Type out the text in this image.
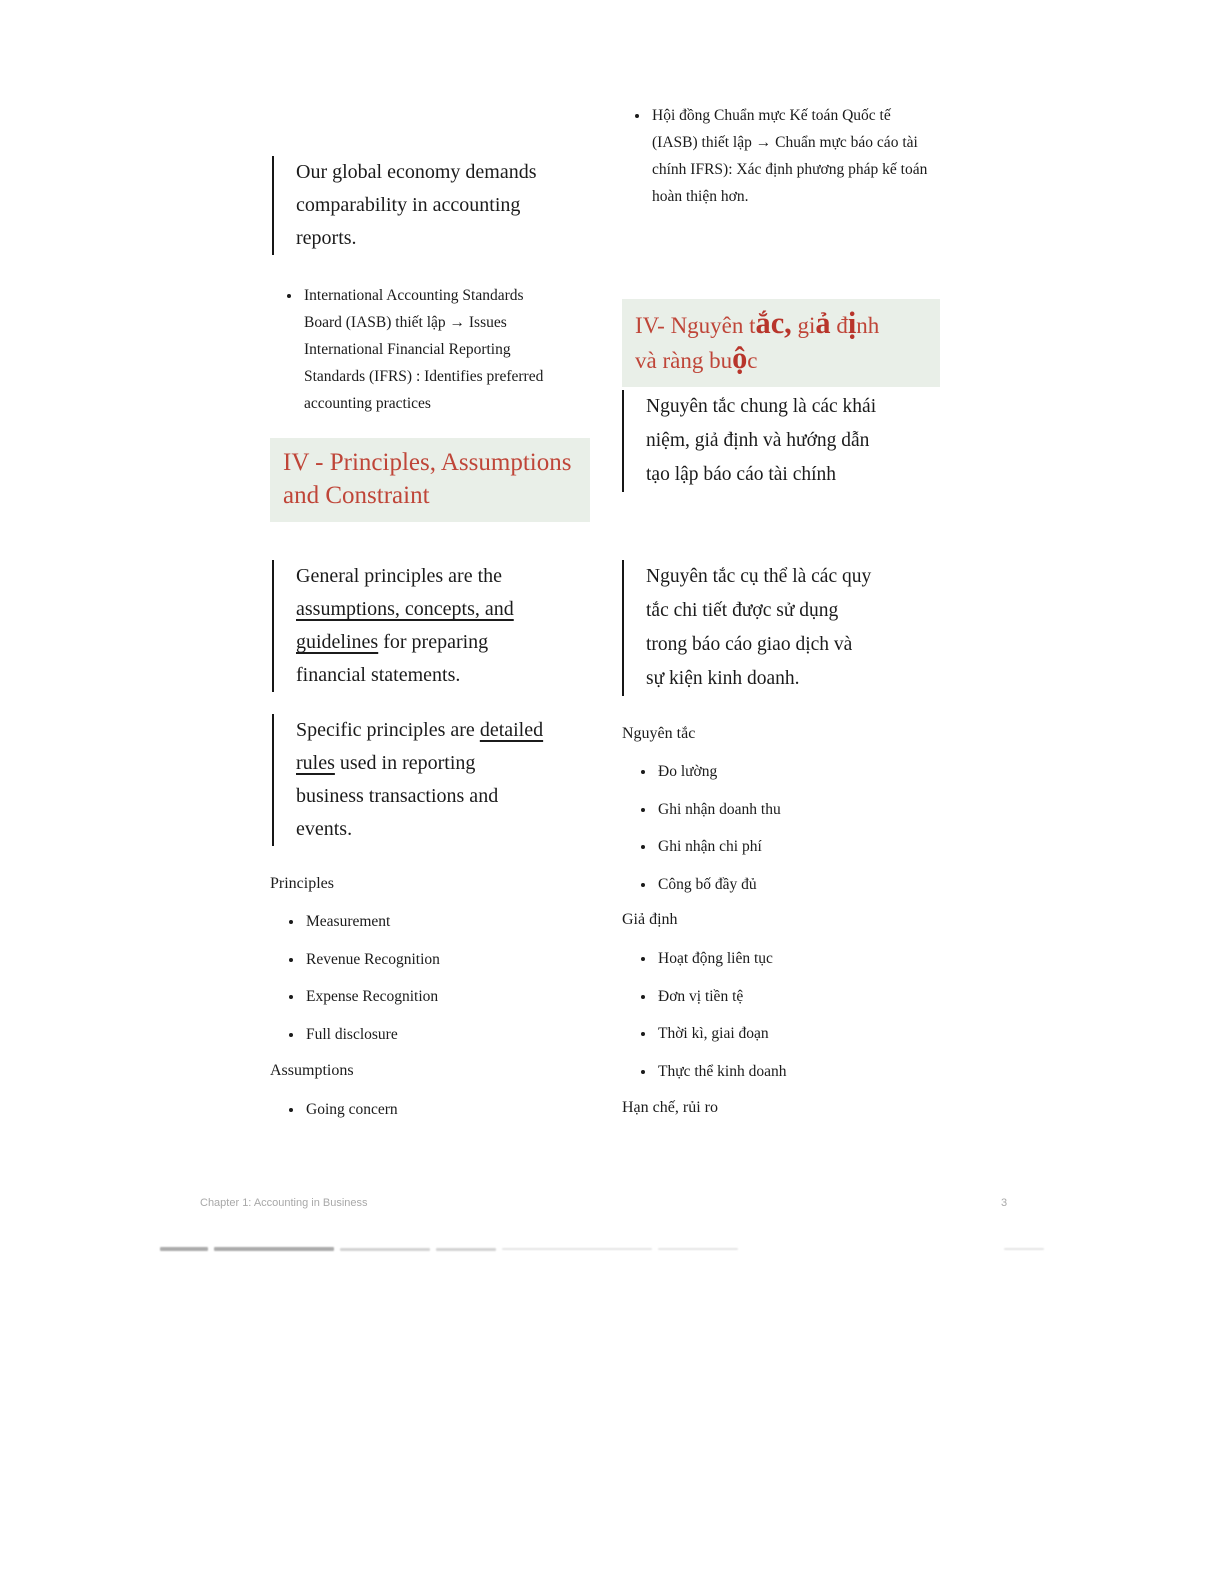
Our global economy demands comparability in accounting reports.
• International Accounting Standards Board (IASB) thiết lập → Issues International Financial Reporting Standards (IFRS) : Identifies preferred accounting practices
IV - Principles, Assumptions and Constraint
General principles are the assumptions, concepts, and guidelines for preparing financial statements.
Specific principles are detailed rules used in reporting business transactions and events.
Principles
• Measurement
• Revenue Recognition
• Expense Recognition
• Full disclosure
Assumptions
• Going concern
• Hội đồng Chuẩn mực Kế toán Quốc tế (IASB) thiết lập → Chuẩn mực báo cáo tài chính IFRS): Xác định phương pháp kế toán hoàn thiện hơn.
IV- Nguyên tắc, giả định
và ràng buộc
Nguyên tắc chung là các khái
niệm, giả định và hướng dẫn
tạo lập báo cáo tài chính
Nguyên tắc cụ thể là các quy
tắc chi tiết được sử dụng
trong báo cáo giao dịch và
sự kiện kinh doanh.
Nguyên tắc
• Đo lường
• Ghi nhận doanh thu
• Ghi nhận chi phí
• Công bố đầy đủ
Giả định
• Hoạt động liên tục
• Đơn vị tiền tệ
• Thời kì, giai đoạn
• Thực thể kinh doanh
Hạn chế, rủi ro
Chapter 1: Accounting in Business	3
